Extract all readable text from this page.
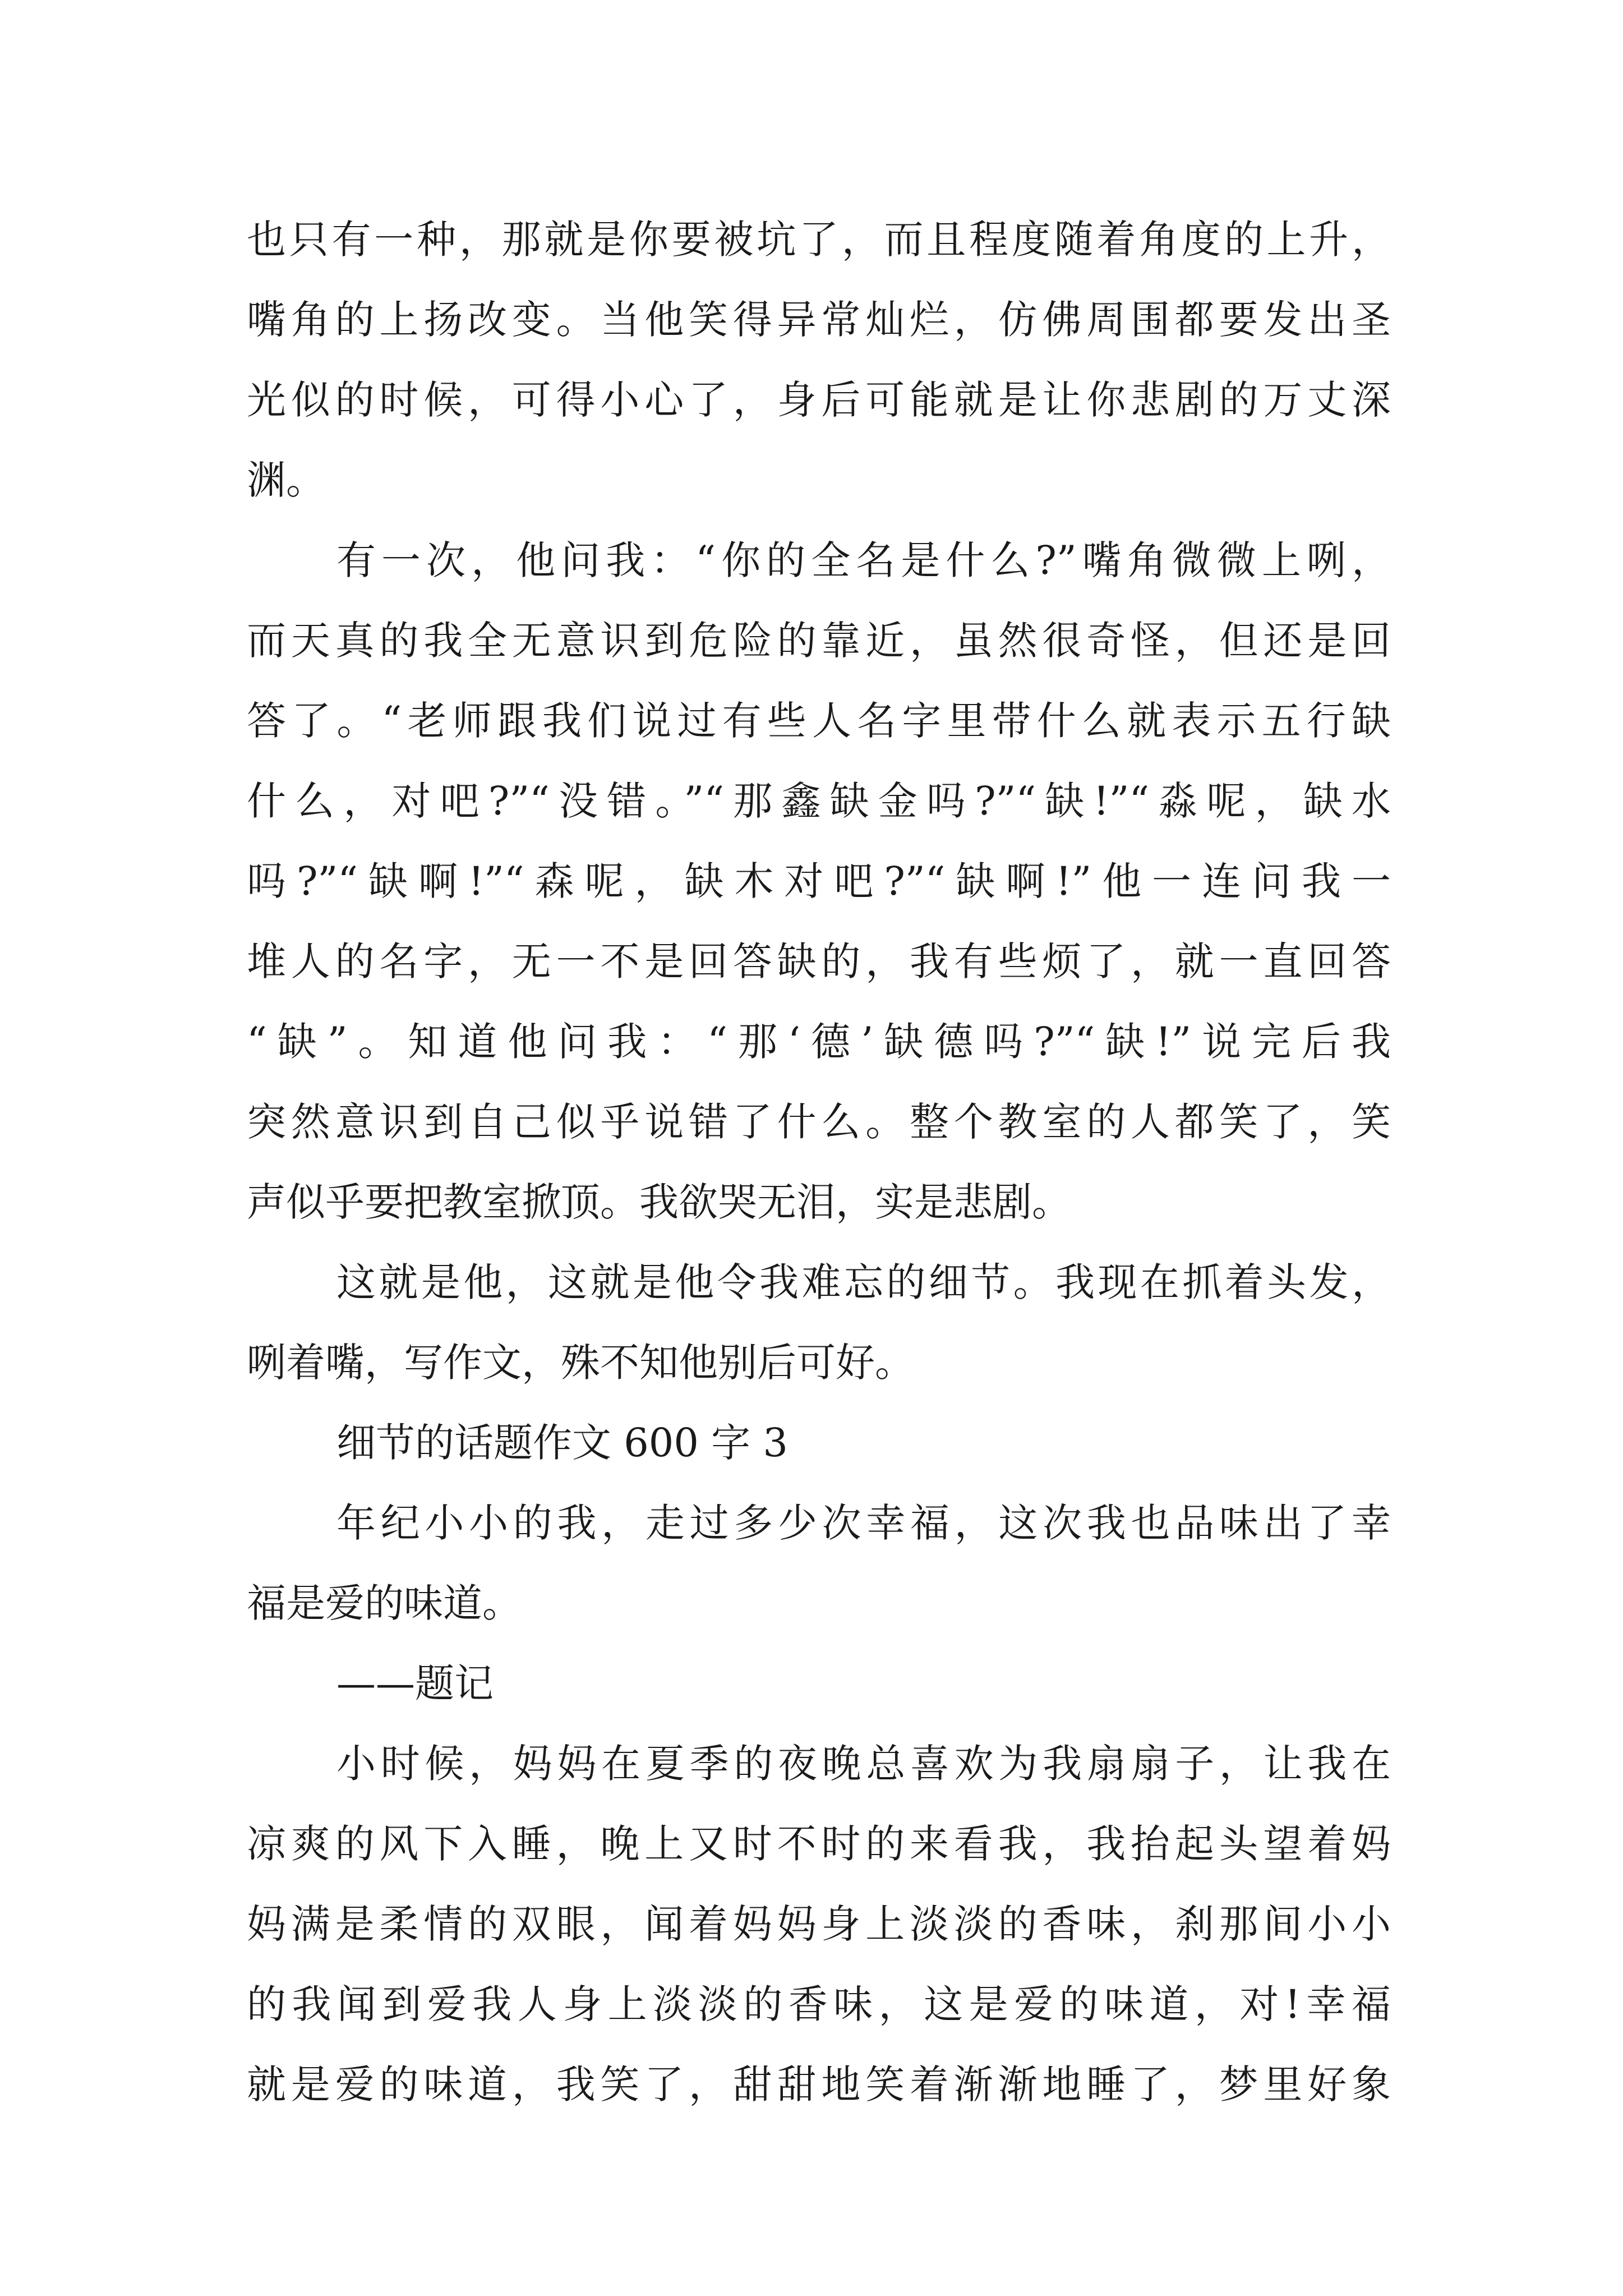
也只有一种，那就是你要被坑了，而且程度随着角度的上升，
嘴角的上扬改变。当他笑得异常灿烂，仿佛周围都要发出圣
光似的时候，可得小心了，身后可能就是让你悲剧的万丈深
渊。
有一次，他问我：“你的全名是什么?”嘴角微微上咧，
而天真的我全无意识到危险的靠近，虽然很奇怪，但还是回
答了。“老师跟我们说过有些人名字里带什么就表示五行缺
什么，对吧?”“没错。”“那鑫缺金吗?”“缺!”“淼呢，缺水
吗?”“缺啊!”“森呢，缺木对吧?”“缺啊!”他一连问我一
堆人的名字，无一不是回答缺的，我有些烦了，就一直回答
“缺”。知道他问我：“那‘德’缺德吗?”“缺!”说完后我
突然意识到自己似乎说错了什么。整个教室的人都笑了，笑
声似乎要把教室掀顶。我欲哭无泪，实是悲剧。
这就是他，这就是他令我难忘的细节。我现在抓着头发，
咧着嘴，写作文，殊不知他别后可好。
细节的话题作文 600 字 3
年纪小小的我，走过多少次幸福，这次我也品味出了幸
福是爱的味道。
——题记
小时候，妈妈在夏季的夜晚总喜欢为我扇扇子，让我在
凉爽的风下入睡，晚上又时不时的来看我，我抬起头望着妈
妈满是柔情的双眼，闻着妈妈身上淡淡的香味，刹那间小小
的我闻到爱我人身上淡淡的香味，这是爱的味道，对!幸福
就是爱的味道，我笑了，甜甜地笑着渐渐地睡了，梦里好象
